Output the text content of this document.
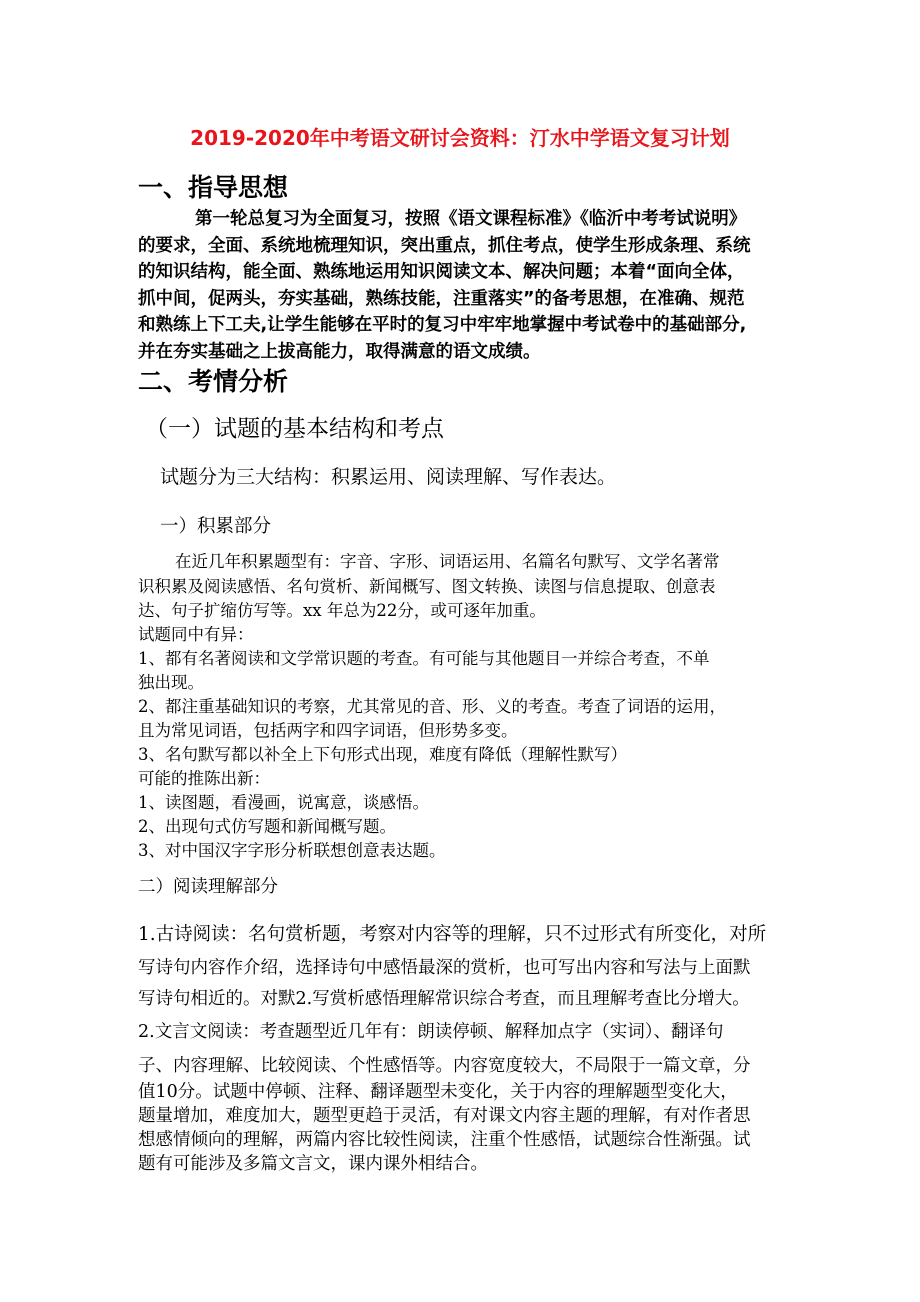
2019-2020年中考语文研讨会资料：汀水中学语文复习计划
一、指导思想

第一轮总复习为全面复习，按照《语文课程标准》《临沂中考考试说明》

的要求，全面、系统地梳理知识，突出重点，抓住考点，使学生形成条理、系统

的知识结构，能全面、熟练地运用知识阅读文本、解决问题；本着“面向全体，

抓中间，促两头，夯实基础，熟练技能，注重落实”的备考思想，在准确、规范

和熟练上下工夫,让学生能够在平时的复习中牢牢地掌握中考试卷中的基础部分,

并在夯实基础之上拔高能力，取得满意的语文成绩。

二、考情分析
（一）试题的基本结构和考点
试题分为三大结构：积累运用、阅读理解、写作表达。
一）积累部分
在近几年积累题型有：字音、字形、词语运用、名篇名句默写、文学名著常
识积累及阅读感悟、名句赏析、新闻概写、图文转换、读图与信息提取、创意表
达、句子扩缩仿写等。xx 年总为22分，或可逐年加重。
试题同中有异：
1、都有名著阅读和文学常识题的考查。有可能与其他题目一并综合考查，不单
独出现。
2、都注重基础知识的考察，尤其常见的音、形、义的考查。考查了词语的运用，
且为常见词语，包括两字和四字词语，但形势多变。
3、名句默写都以补全上下句形式出现，难度有降低（理解性默写）
可能的推陈出新：
1、读图题，看漫画，说寓意，谈感悟。
2、出现句式仿写题和新闻概写题。
3、对中国汉字字形分析联想创意表达题。
二）阅读理解部分
1.古诗阅读：名句赏析题，考察对内容等的理解，只不过形式有所变化，对所
写诗句内容作介绍，选择诗句中感悟最深的赏析，也可写出内容和写法与上面默
写诗句相近的。对默2.写赏析感悟理解常识综合考查，而且理解考查比分增大。
2.文言文阅读：考查题型近几年有：朗读停顿、解释加点字（实词）、翻译句
子、内容理解、比较阅读、个性感悟等。内容宽度较大，不局限于一篇文章，分
值10分。试题中停顿、注释、翻译题型未变化，关于内容的理解题型变化大，
题量增加，难度加大，题型更趋于灵活，有对课文内容主题的理解，有对作者思
想感情倾向的理解，两篇内容比较性阅读，注重个性感悟，试题综合性渐强。试
题有可能涉及多篇文言文，课内课外相结合。
